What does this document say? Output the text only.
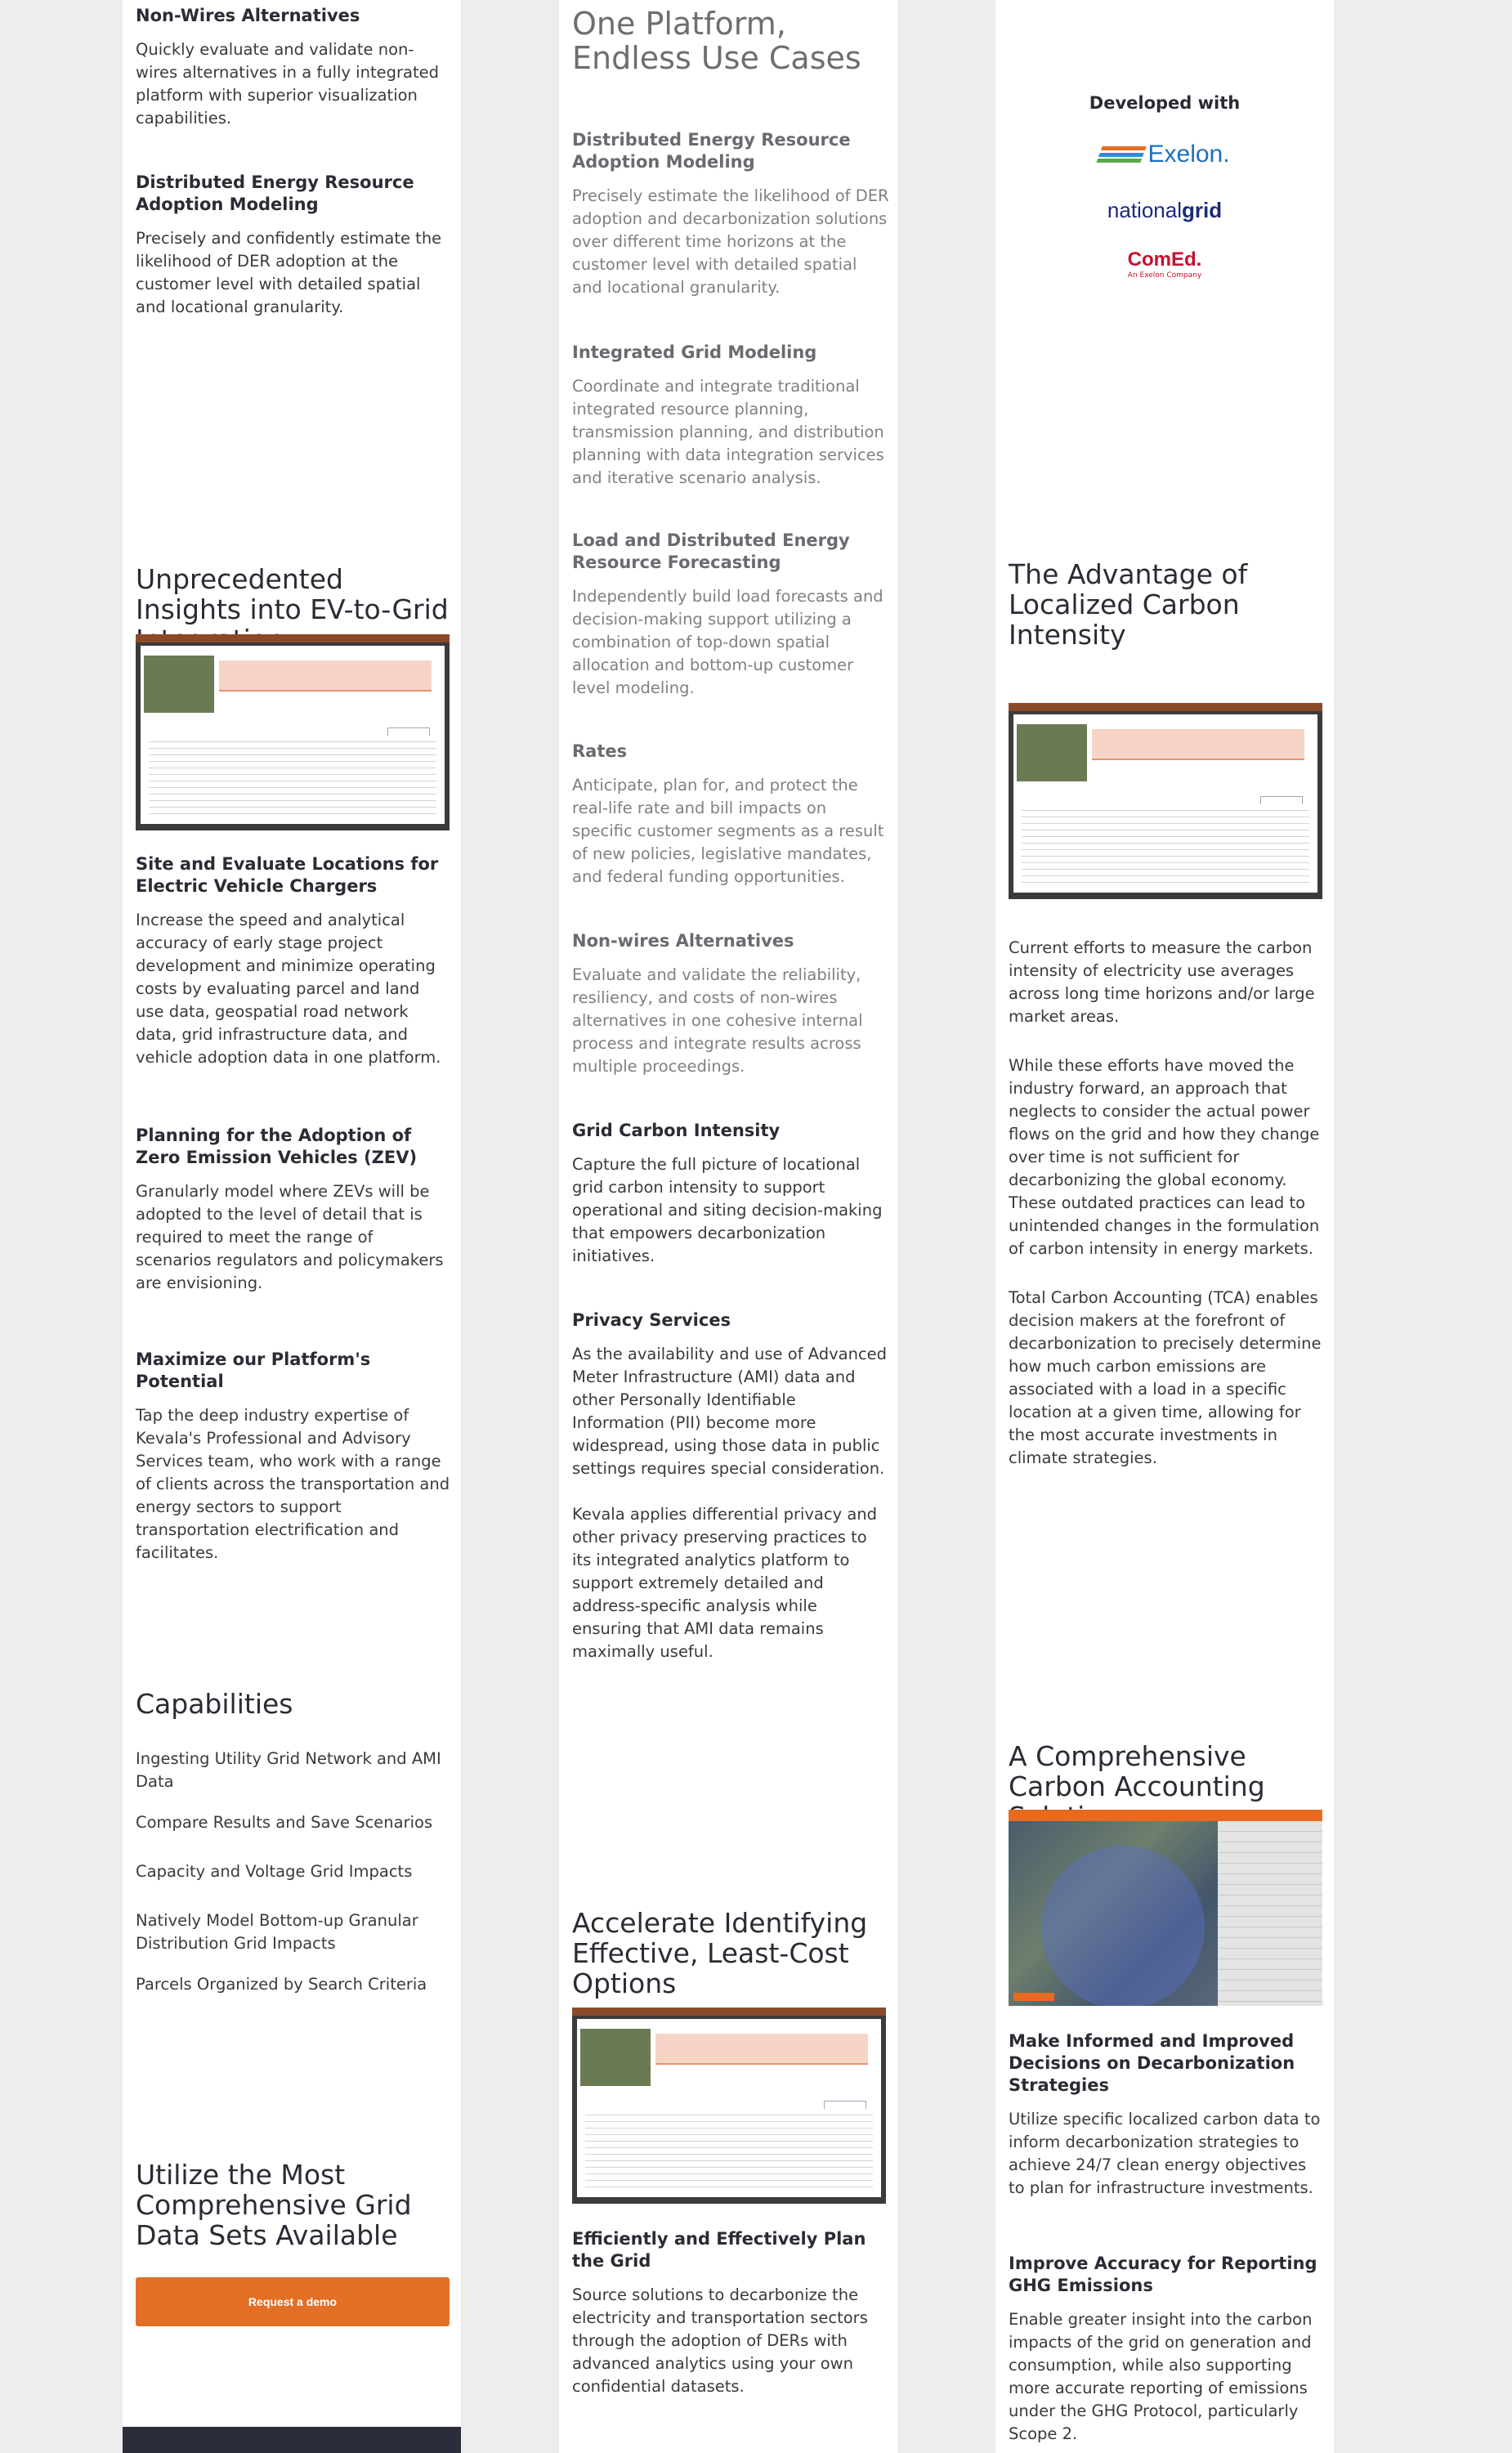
Non-Wires Alternatives

Quickly evaluate and validate non-wires alternatives in a fully integrated platform with superior visualization capabilities.

Distributed Energy Resource Adoption Modeling

Precisely and confidently estimate the likelihood of DER adoption at the customer level with detailed spatial and locational granularity.

Unprecedented Insights into EV-to-Grid

Site and Evaluate Locations for Electric Vehicle Chargers

Increase the speed and analytical accuracy of early stage project development and minimize operating costs by evaluating parcel and land use data, geospatial road network data, grid infrastructure data, and vehicle adoption data in one platform.

Planning for the Adoption of Zero Emission Vehicles (ZEV)

Granularly model where ZEVs will be adopted to the level of detail that is required to meet the range of scenarios regulators and policymakers are envisioning.

Maximize our Platform's Potential

Tap the deep industry expertise of Kevala's Professional and Advisory Services team, who work with a range of clients across the transportation and energy sectors to support transportation electrification and facilitates.

Capabilities

Ingesting Utility Grid Network and AMI Data

Compare Results and Save Scenarios

Capacity and Voltage Grid Impacts

Natively Model Bottom-up Granular Distribution Grid Impacts

Parcels Organized by Search Criteria

Utilize the Most Comprehensive Grid Data Sets Available
Request a demo
One Platform, Endless Use Cases

Distributed Energy Resource Adoption Modeling

Precisely estimate the likelihood of DER adoption and decarbonization solutions over different time horizons at the customer level with detailed spatial and locational granularity.

Integrated Grid Modeling

Coordinate and integrate traditional integrated resource planning, transmission planning, and distribution planning with data integration services and iterative scenario analysis.

Load and Distributed Energy Resource Forecasting

Independently build load forecasts and decision-making support utilizing a combination of top-down spatial allocation and bottom-up customer level modeling.

Rates

Anticipate, plan for, and protect the real-life rate and bill impacts on specific customer segments as a result of new policies, legislative mandates, and federal funding opportunities.

Non-wires Alternatives

Evaluate and validate the reliability, resiliency, and costs of non-wires alternatives in one cohesive internal process and integrate results across multiple proceedings.

Grid Carbon Intensity

Capture the full picture of locational grid carbon intensity to support operational and siting decision-making that empowers decarbonization initiatives.

Privacy Services

As the availability and use of Advanced Meter Infrastructure (AMI) data and other Personally Identifiable Information (PII) become more widespread, using those data in public settings requires special consideration.

Kevala applies differential privacy and other privacy preserving practices to its integrated analytics platform to support extremely detailed and address-specific analysis while ensuring that AMI data remains maximally useful.

Accelerate Identifying Effective, Least-Cost Options

Efficiently and Effectively Plan the Grid

Source solutions to decarbonize the electricity and transportation sectors through the adoption of DERs with advanced analytics using your own confidential datasets.

Developed with
Exelon.
nationalgrid
ComEd.
An Exelon Company
The Advantage of Localized Carbon Intensity

Current efforts to measure the carbon intensity of electricity use averages across long time horizons and/or large market areas.

While these efforts have moved the industry forward, an approach that neglects to consider the actual power flows on the grid and how they change over time is not sufficient for decarbonizing the global economy. These outdated practices can lead to unintended changes in the formulation of carbon intensity in energy markets.

Total Carbon Accounting (TCA) enables decision makers at the forefront of decarbonization to precisely determine how much carbon emissions are associated with a load in a specific location at a given time, allowing for the most accurate investments in climate strategies.

A Comprehensive Carbon Accounting

Make Informed and Improved Decisions on Decarbonization Strategies

Utilize specific localized carbon data to inform decarbonization strategies to achieve 24/7 clean energy objectives to plan for infrastructure investments.

Improve Accuracy for Reporting GHG Emissions

Enable greater insight into the carbon impacts of the grid on generation and consumption, while also supporting more accurate reporting of emissions under the GHG Protocol, particularly Scope 2.
